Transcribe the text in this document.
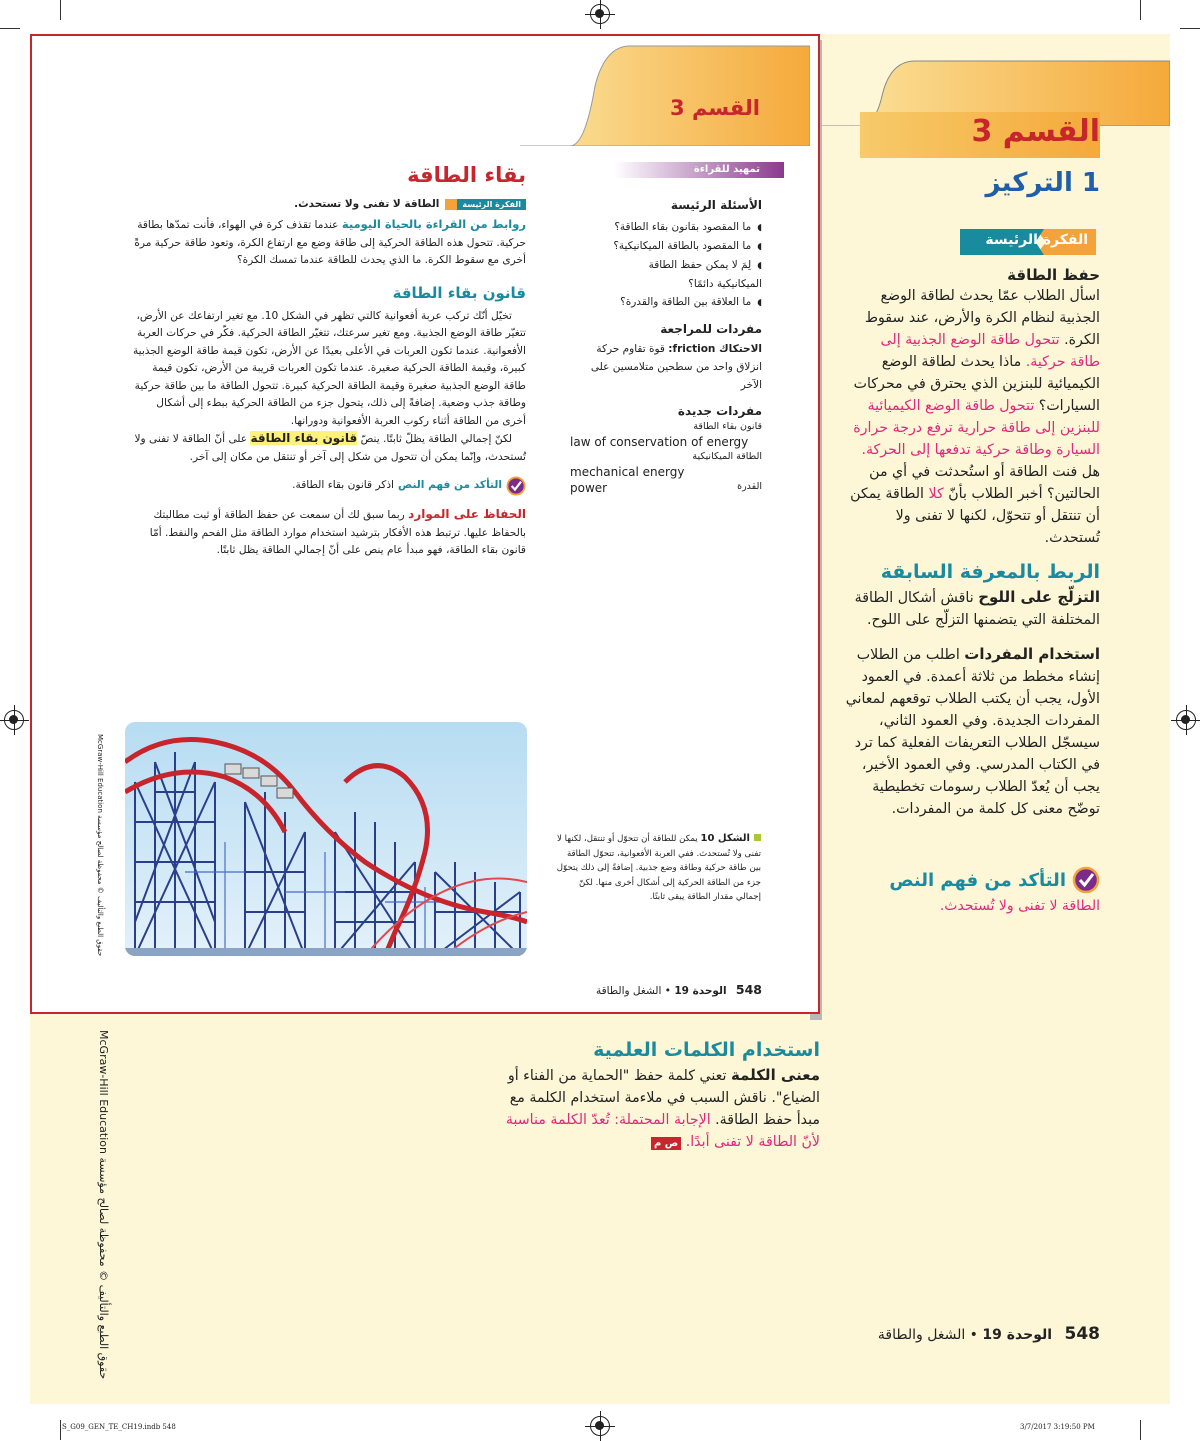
القسم 3
1 التركيز
الفكرة الرئيسة
حفظ الطاقة
اسأل الطلاب عمّا يحدث لطاقة الوضع الجذبية لنظام الكرة والأرض، عند سقوط الكرة. تتحول طاقة الوضع الجذبية إلى طاقة حركية. ماذا يحدث لطاقة الوضع الكيميائية للبنزين الذي يحترق في محركات السيارات؟ تتحول طاقة الوضع الكيميائية للبنزين إلى طاقة حرارية ترفع درجة حرارة السيارة وطاقة حركية تدفعها إلى الحركة. هل فنت الطاقة أو استُحدثت في أي من الحالتين؟ أخبر الطلاب بأنّ كلا الطاقة يمكن أن تنتقل أو تتحوّل، لكنها لا تفنى ولا تُستحدث.
الربط بالمعرفة السابقة
التزلّج على اللوح ناقش أشكال الطاقة المختلفة التي يتضمنها التزلّج على اللوح.
استخدام المفردات اطلب من الطلاب إنشاء مخطط من ثلاثة أعمدة. في العمود الأول، يجب أن يكتب الطلاب توقعهم لمعاني المفردات الجديدة. وفي العمود الثاني، سيسجّل الطلاب التعريفات الفعلية كما ترد في الكتاب المدرسي. وفي العمود الأخير، يجب أن يُعدّ الطلاب رسومات تخطيطية توضّح معنى كل كلمة من المفردات.
التأكد من فهم النص
الطاقة لا تفنى ولا تُستحدث.
استخدام الكلمات العلمية
معنى الكلمة تعني كلمة حفظ "الحماية من الفناء أو الضياع". ناقش السبب في ملاءمة استخدام الكلمة مع مبدأ حفظ الطاقة. الإجابة المحتملة: تُعدّ الكلمة مناسبة لأنّ الطاقة لا تفنى أبدًا. ص م
548 الوحدة 19 • الشغل والطاقة
McGraw-Hill Education حقوق الطبع والتأليف © محفوظة لصالح مؤسسة
القسم 3
تمهيد للقراءة
الأسئلة الرئيسة
◖ ما المقصود بقانون بقاء الطاقة؟
◖ ما المقصود بالطاقة الميكانيكية؟
◖ لِمَ لا يمكن حفظ الطاقة الميكانيكية دائمًا؟
◖ ما العلاقة بين الطاقة والقدرة؟
مفردات للمراجعة
الاحتكاك friction: قوة تقاوم حركة انزلاق واحد من سطحين متلامسين على الآخر
مفردات جديدة
قانون بقاء الطاقة
law of conservation of energy
الطاقة الميكانيكية
mechanical energy
القدرة
power
بقاء الطاقة
الفكرة الرئيسة
الطاقة لا تفنى ولا تستحدث.
روابط من القراءة بالحياة اليومية عندما تقذف كرة في الهواء، فأنت تمدّها بطاقة حركية. تتحول هذه الطاقة الحركية إلى طاقة وضع مع ارتفاع الكرة، وتعود طاقة حركية مرةً أخرى مع سقوط الكرة. ما الذي يحدث للطاقة عندما تمسك الكرة؟
قانون بقاء الطاقة
تخيّل أنّك تركب عربة أفعوانية كالتي تظهر في الشكل 10. مع تغير ارتفاعك عن الأرض، تتغيّر طاقة الوضع الجذبية. ومع تغير سرعتك، تتغيّر الطاقة الحركية. فكّر في حركات العربة الأفعوانية. عندما تكون العربات في الأعلى بعيدًا عن الأرض، تكون قيمة طاقة الوضع الجذبية كبيرة، وقيمة الطاقة الحركية صغيرة. عندما تكون العربات قريبة من الأرض، تكون قيمة طاقة الوضع الجذبية صغيرة وقيمة الطاقة الحركية كبيرة. تتحول الطاقة ما بين طاقة حركية وطاقة جذب وضعية. إضافةً إلى ذلك، يتحول جزء من الطاقة الحركية ببطء إلى أشكال أخرى من الطاقة أثناء ركوب العربة الأفعوانية ودورانها.
لكنّ إجمالي الطاقة يظلّ ثابتًا. ينصّ قانون بقاء الطاقة على أنّ الطاقة لا تفنى ولا تُستحدث، وإنّما يمكن أن تتحول من شكل إلى آخر أو تنتقل من مكان إلى آخر.
التأكد من فهم النص
اذكر قانون بقاء الطاقة.
الحفاظ على الموارد ربما سبق لك أن سمعت عن حفظ الطاقة أو ثبت مطالبتك بالحفاظ عليها. ترتبط هذه الأفكار بترشيد استخدام موارد الطاقة مثل الفحم والنفط. أمّا قانون بقاء الطاقة، فهو مبدأ عام ينص على أنّ إجمالي الطاقة يظل ثابتًا.
الشكل 10 يمكن للطاقة أن تتحوّل أو تنتقل، لكنها لا تفنى ولا تُستحدث. ففي العربة الأفعوانية، تتحوّل الطاقة بين طاقة حركية وطاقة وضع جذبية. إضافةً إلى ذلك يتحوّل جزء من الطاقة الحركية إلى أشكال أخرى منها. لكنّ إجمالي مقدار الطاقة يبقى ثابتًا.
548 الوحدة 19 • الشغل والطاقة
McGraw-Hill Education حقوق الطبع والتأليف © محفوظة لصالح مؤسسة
S_G09_GEN_TE_CH19.indb 548	3/7/2017 3:19:50 PM
